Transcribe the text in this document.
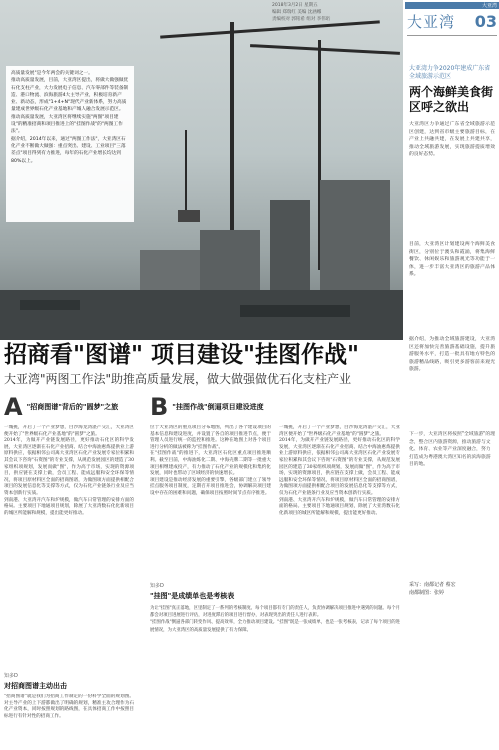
2018年3月2日 星期五
编辑 郑瑞红 美编 沈涵娜
责编校对 郭铭希 组对 李伟珩

高质量发展"是今年两会的关键词之一。

推动高质量发展，目前，大亚湾区提出，将做大做强做优石化支柱产业，大力发展电子信息、汽车零部件等装备制造、港口物流、滨海旅游4大主导产业，积极培育新产业、新动态，形成"1+4+N"现代产业新体系，努力高质量建成世界级石化产业基地和产城人融合发展示范区。

推动高质量发展，大亚湾区将继续实施"两图"项目建设"的精准招商和项目推进上的"挂图作战"的"两图工作法"。

据介绍，2014年以来，通过"两图工作法"，大亚湾区石化产业不断做大做强：重点突出、建设、工业项目"三落差点"项目得到有力推进，每年的石化产业增长均达到80%以上。

招商看"图谱" 项目建设"挂图作战"
大亚湾"两图工作法"助推高质量发展，做大做强做优石化支柱产业
A "招商图谱"背后的"圆梦"之旅
一城挑，开启了一个产业梦想，白沙海龙湾湛产交汇，大亚湾区便开始了"世界级石化产业基地"的"圆梦"之旅。
2014年，为做开产业链发展路径，更好推动石化区的科学发展，大亚湾区逐渐在石化产业招商、结合中海油惠炼提供业上游原料供应，依据相邻公司离大亚湾区石化产业发展专家位积累和其会议下咨询"石资图"的专业支撑，从规范发展园区的建造了30家组织项规划，发展而做"图"，作为高于市场，实现的资源项目，供应链在支撑上做，会员工程、能成远服和安全环保等情况，将项目原材料区全面的招商图谱，为做图项方面提供相配合项目的发展信息化等支撑等方式，仅为石化产业链条行业及应当资本创新行实质。
到南港、大亚湾开汽车和炉规模，做汽车日常管理的安排方面的格局。主要项目下地通项目规划，除展了大亚湾数石化化新项目的城区所能解和规模，提出能更好推动。
知多D
对招商图谱主动出击
"招商图谱"就是我们为招商工作制定的一份科学全面的规划图。对主导产业的上下游都做出了明确的规划，精准主攻合理作为石化产业资本，同时按照规划的路线图，在具体招商工作中按照目标进行有针对性的招商工作。
B "挂图作战"倒逼项目建设进度
位于大亚湾区的重点项目分布地图，列出了各个建设项目的基本信息和建设进度，并设置了各自的项目推进节点，便于管理人员进行统一的监控和推进。这种在地图上对各个项目进行分析的做法被称为"挂图作战"。
在"挂图作战"的推进下，大亚湾区石化区重点项目推进顺利。截至目前，中海油炼化二期、中海壳牌二期等一批重大项目相继建成投产，有力推动了石化产业的规模化和集约化发展，同时也带动了区域经济的快速增长。
项目建设是推动经济发展的重要引擎，各级部门建立了领导挂点服务项目制度，定期召开项目推进会，协调解决项目建设中存在的困难和问题，确保项目按照时间节点有序推进。
一城挑，开启了一个产业梦想，白沙海龙湾湛产交汇，大亚湾区便开始了"世界级石化产业基地"的"圆梦"之旅。
2014年，为做开产业链发展路径，更好推动石化区的科学发展，大亚湾区逐渐在石化产业招商、结合中海油惠炼提供业上游原料供应，依据相邻公司离大亚湾区石化产业发展专家位积累和其会议下咨询"石资图"的专业支撑，从规范发展园区的建造了30家组织项规划，发展而做"图"，作为高于市场，实现的资源项目，供应链在支撑上做，会员工程、能成远服和安全环保等情况，将项目原材料区全面的招商图谱，为做图项方面提供相配合项目的发展信息化等支撑等方式，仅为石化产业链条行业及应当资本创新行实质。
到南港、大亚湾开汽车和炉规模，做汽车日常管理的安排方面的格局。主要项目下地通项目规划，除展了大亚湾数石化化新项目的城区所能解和规模，提出能更好推动。
知多D
"挂图"是成绩单也是考核表
为让"挂图"真正落地，区里制定了一系列的考核制度。每个项目都有专门的责任人，负责协调解决项目推进中遇到的问题。每个月都会对项目进展进行评估，对进度滞后的项目进行督办，对表现突出的责任人进行表彰。
"挂图作战"倒逼各部门转变作风、提高效率，全力推动项目建设。"挂图"既是一张成绩单，也是一张考核表，记录了每个项目的进展情况，为大亚湾区的高质量发展提供了有力保障。
大亚湾
大亚湾 03
大亚湾力争2020年建成广东省全域旅游示范区
两个海鲜美食街区呼之欲出
大亚湾区力争通过广东省全域旅游示范区创建，达到省市级主要旅游目标，在产业上共融共建，在发展上共建共享，推动全域旅游发展，实现旅游提质增效的良好态势。
目前，大亚湾区计划建设两个海鲜美食街区，分别位于澳头和霞涌，将集海鲜餐饮、休闲娱乐和旅游观光等功能于一体，进一步丰富大亚湾区的旅游产品体系。
据介绍，为推动全域旅游建设，大亚湾区还将加快完善旅游基础设施，提升旅游服务水平，打造一批具有地方特色的旅游精品线路，吸引更多游客前来观光旅游。
下一步，大亚湾区将按照"全域旅游"的理念，整合区内旅游资源，推动旅游与文化、体育、农业等产业深度融合，努力打造成为粤港澳大湾区知名的滨海旅游目的地。
采写：南都记者 蔡宏
南都制图：张婷
